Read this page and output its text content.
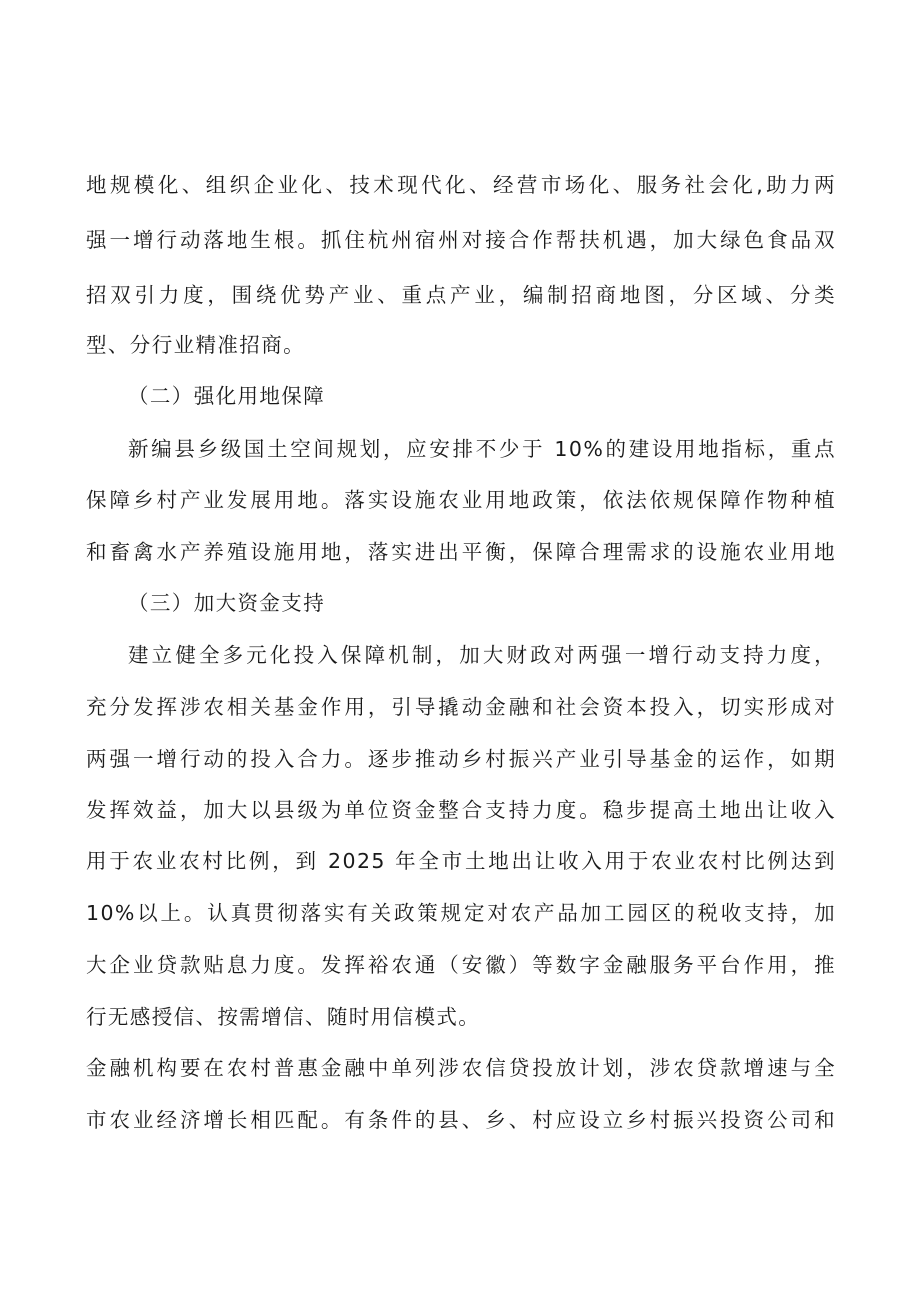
地规模化、组织企业化、技术现代化、经营市场化、服务社会化,助力两
强一增行动落地生根。抓住杭州宿州对接合作帮扶机遇，加大绿色食品双
招双引力度，围绕优势产业、重点产业，编制招商地图，分区域、分类
型、分行业精准招商。
（二）强化用地保障
新编县乡级国土空间规划，应安排不少于 10%的建设用地指标，重点
保障乡村产业发展用地。落实设施农业用地政策，依法依规保障作物种植
和畜禽水产养殖设施用地，落实进出平衡，保障合理需求的设施农业用地
（三）加大资金支持
建立健全多元化投入保障机制，加大财政对两强一增行动支持力度，
充分发挥涉农相关基金作用，引导撬动金融和社会资本投入，切实形成对
两强一增行动的投入合力。逐步推动乡村振兴产业引导基金的运作，如期
发挥效益，加大以县级为单位资金整合支持力度。稳步提高土地出让收入
用于农业农村比例，到 2025 年全市土地出让收入用于农业农村比例达到
10%以上。认真贯彻落实有关政策规定对农产品加工园区的税收支持，加
大企业贷款贴息力度。发挥裕农通（安徽）等数字金融服务平台作用，推
行无感授信、按需增信、随时用信模式。
金融机构要在农村普惠金融中单列涉农信贷投放计划，涉农贷款增速与全
市农业经济增长相匹配。有条件的县、乡、村应设立乡村振兴投资公司和
